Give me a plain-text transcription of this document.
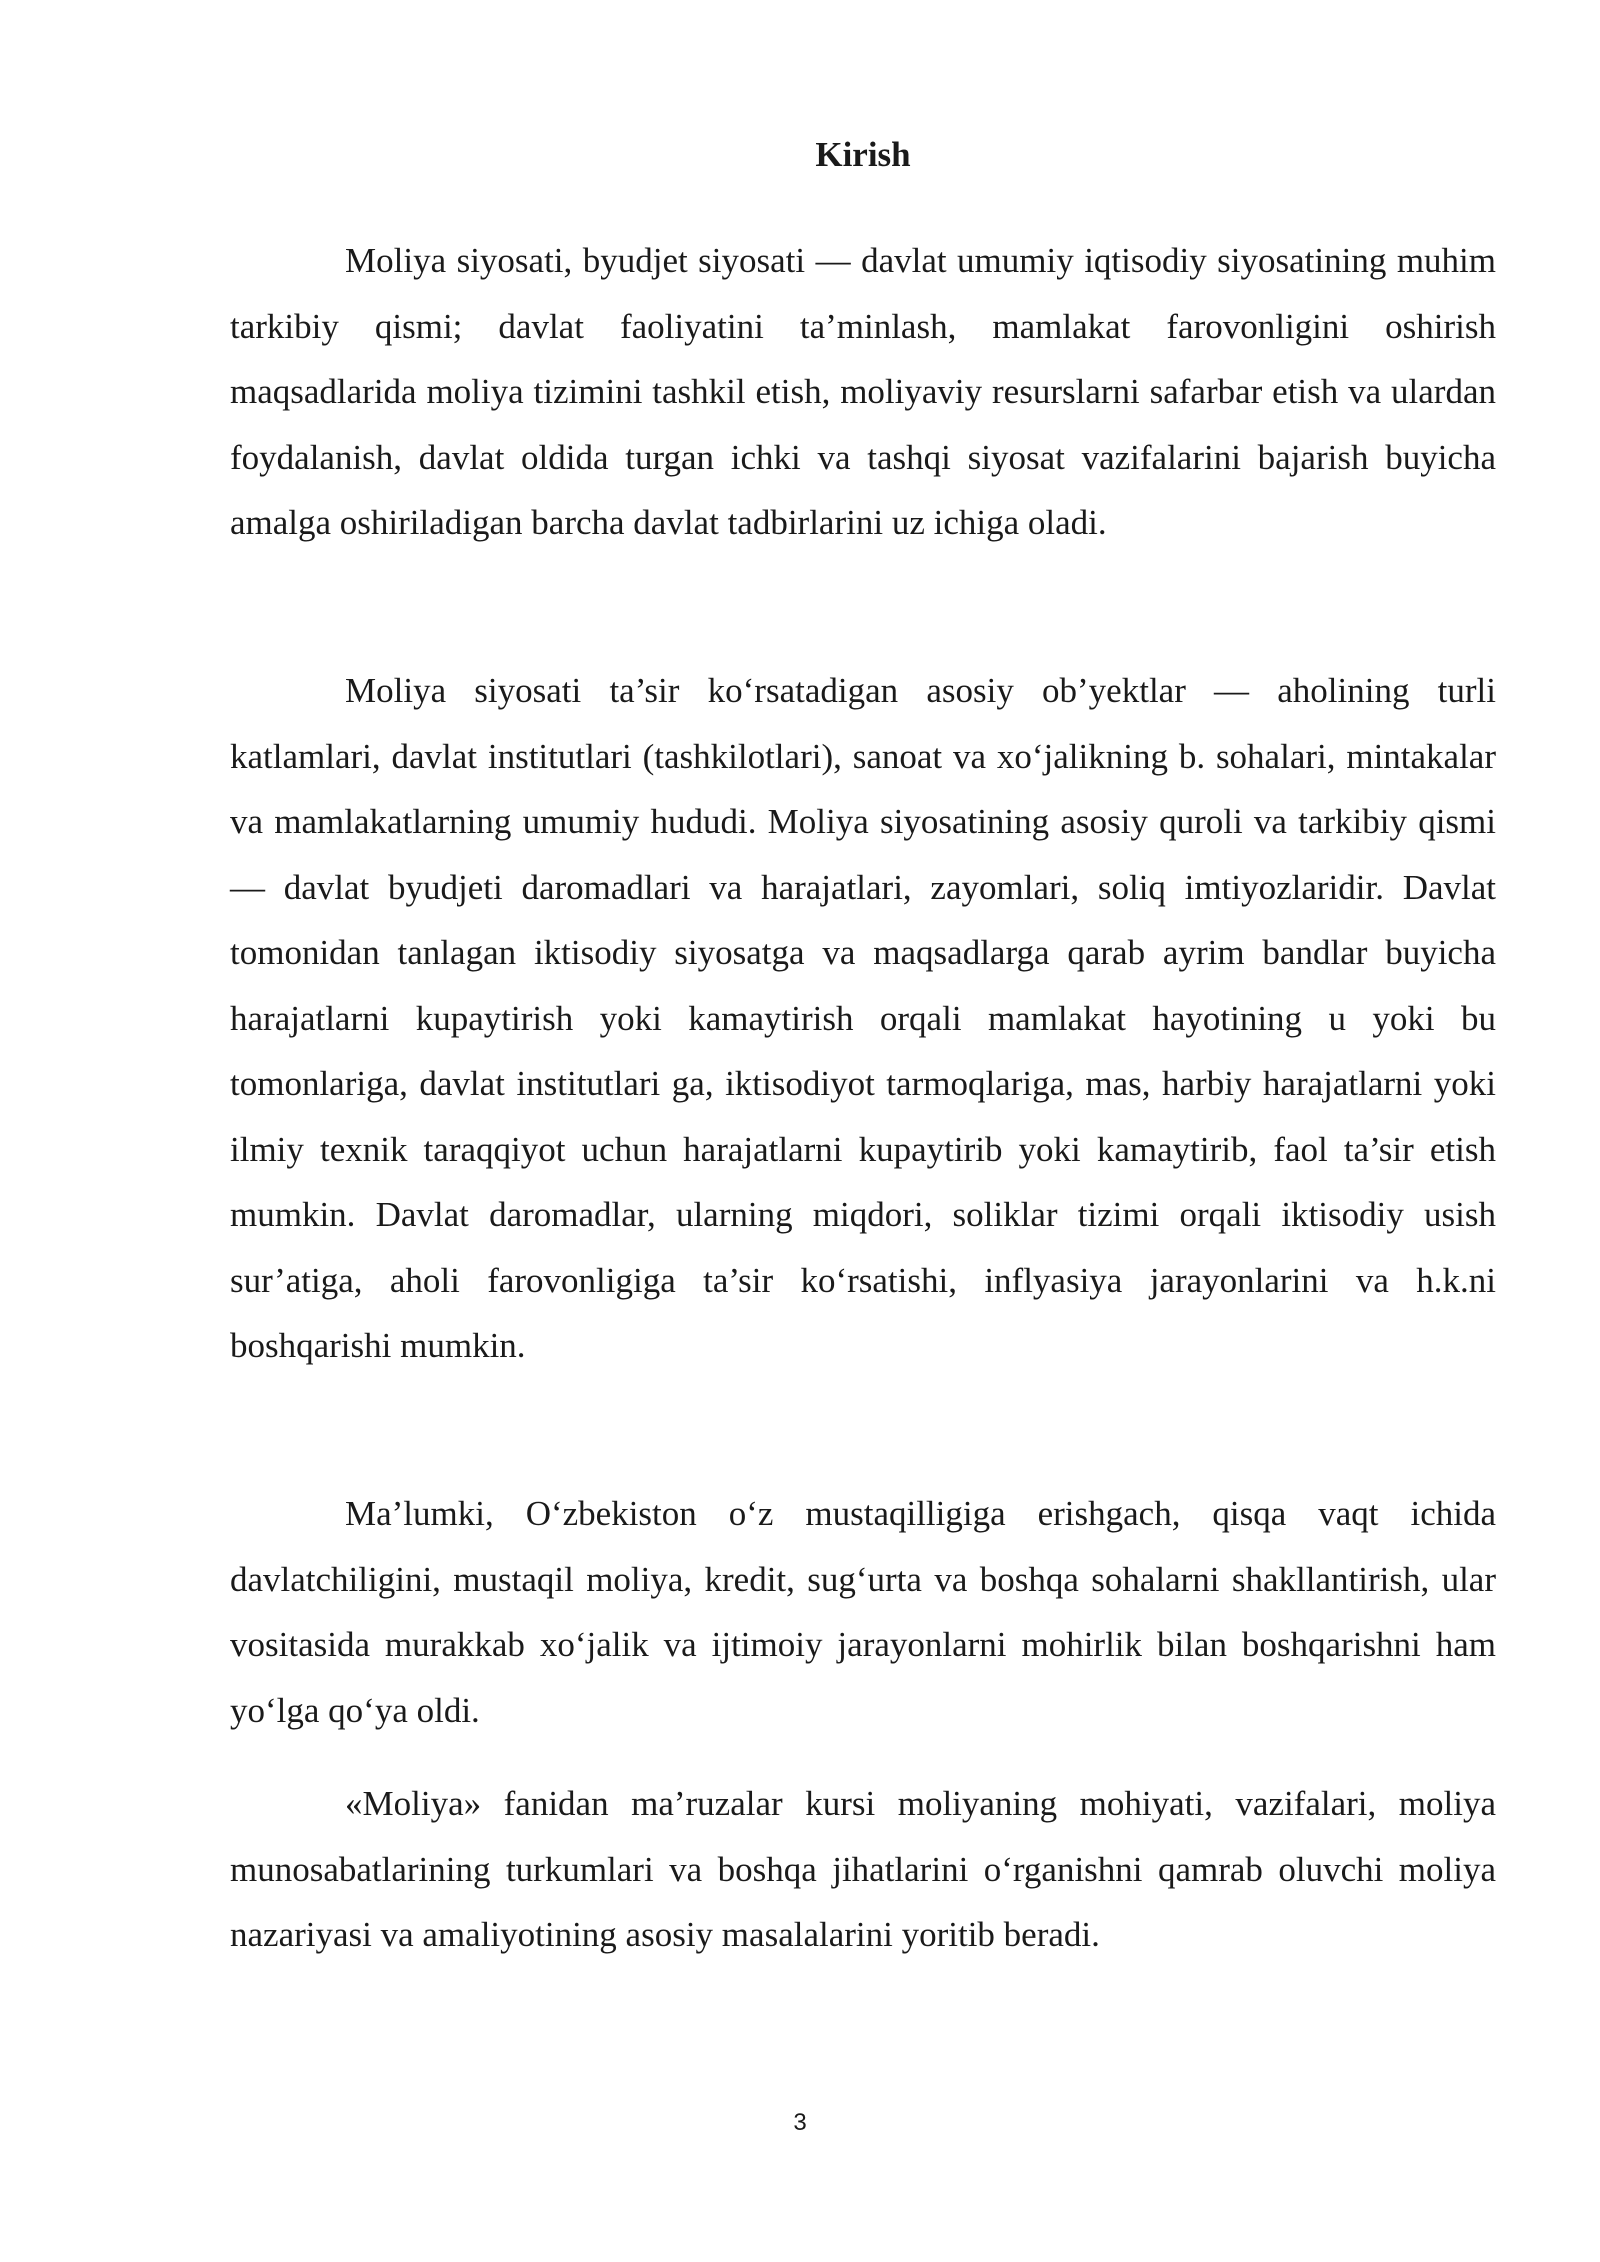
Kirish

Moliya siyosati, byudjet siyosati — davlat umumiy iqtisodiy siyosatining muhim tarkibiy qismi; davlat faoliyatini ta’minlash, mamlakat farovonligini oshirish maqsadlarida moliya tizimini tashkil etish, moliyaviy resurslarni safarbar etish va ulardan foydalanish, davlat oldida turgan ichki va tashqi siyosat vazifalarini bajarish buyicha amalga oshiriladigan barcha davlat tadbirlarini uz ichiga oladi.

Moliya siyosati ta’sir ko‘rsatadigan asosiy ob’yektlar — aholining turli katlamlari, davlat institutlari (tashkilotlari), sanoat va xo‘jalikning b. sohalari, mintakalar va mamlakatlarning umumiy hududi. Moliya siyosatining asosiy quroli va tarkibiy qismi — davlat byudjeti daromadlari va harajatlari, zayomlari, soliq imtiyozlaridir. Davlat tomonidan tanlagan iktisodiy siyosatga va maqsadlarga qarab ayrim bandlar buyicha harajatlarni kupaytirish yoki kamaytirish orqali mamlakat hayotining u yoki bu tomonlariga, davlat institutlari ga, iktisodiyot tarmoqlariga, mas, harbiy harajatlarni yoki ilmiy texnik taraqqiyot uchun harajatlarni kupaytirib yoki kamaytirib, faol ta’sir etish mumkin. Davlat daromadlar, ularning miqdori, soliklar tizimi orqali iktisodiy usish sur’atiga, aholi farovonligiga ta’sir ko‘rsatishi, inflyasiya jarayonlarini va h.k.ni boshqarishi mumkin.

Ma’lumki, O‘zbekiston o‘z mustaqilligiga erishgach, qisqa vaqt ichida davlatchiligini, mustaqil moliya, kredit, sug‘urta va boshqa sohalarni shakllantirish, ular vositasida murakkab xo‘jalik va ijtimoiy jarayonlarni mohirlik bilan boshqarishni ham yo‘lga qo‘ya oldi.

«Moliya» fanidan ma’ruzalar kursi moliyaning mohiyati, vazifalari, moliya munosabatlarining turkumlari va boshqa jihatlarini o‘rganishni qamrab oluvchi moliya nazariyasi va amaliyotining asosiy masalalarini yoritib beradi.

3
